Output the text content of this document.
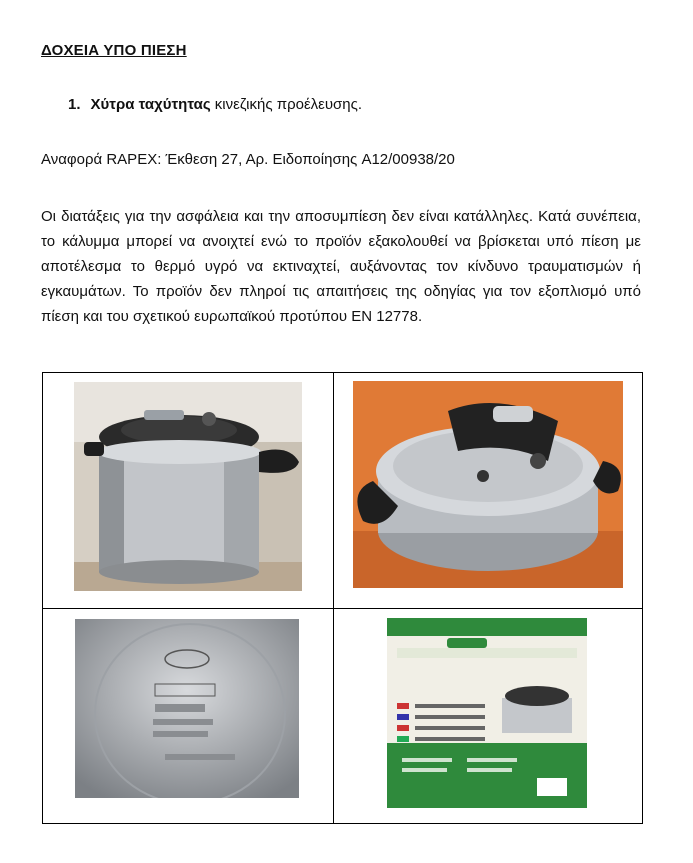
ΔΟΧΕΙΑ ΥΠΟ ΠΙΕΣΗ
1. Χύτρα ταχύτητας κινεζικής προέλευσης.
Αναφορά RAPEX: Έκθεση 27, Αρ. Ειδοποίησης A12/00938/20
Οι διατάξεις για την ασφάλεια και την αποσυμπίεση δεν είναι κατάλληλες. Κατά συνέπεια, το κάλυμμα μπορεί να ανοιχτεί ενώ το προϊόν εξακολουθεί να βρίσκεται υπό πίεση με αποτέλεσμα το θερμό υγρό να εκτιναχτεί, αυξάνοντας τον κίνδυνο τραυματισμών ή εγκαυμάτων. Το προϊόν δεν πληροί τις απαιτήσεις της οδηγίας για τον εξοπλισμό υπό πίεση και του σχετικού ευρωπαϊκού προτύπου EN 12778.
